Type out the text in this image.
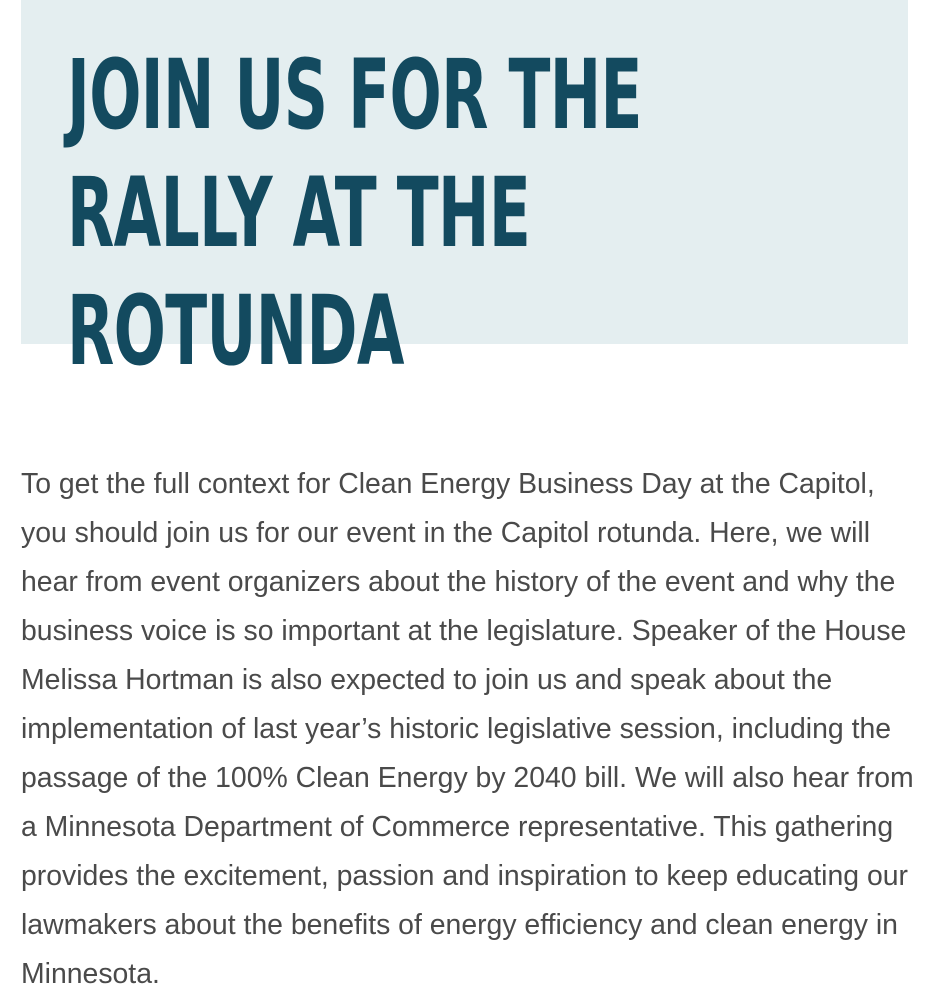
JOIN US FOR THE
RALLY AT THE
ROTUNDA

To get the full context for Clean Energy Business Day at the Capitol, you should join us for our event in the Capitol rotunda. Here, we will hear from event organizers about the history of the event and why the business voice is so important at the legislature. Speaker of the House Melissa Hortman is also expected to join us and speak about the implementation of last year’s historic legislative session, including the passage of the 100% Clean Energy by 2040 bill. We will also hear from a Minnesota Department of Commerce representative. This gathering provides the excitement, passion and inspiration to keep educating our lawmakers about the benefits of energy efficiency and clean energy in Minnesota.
